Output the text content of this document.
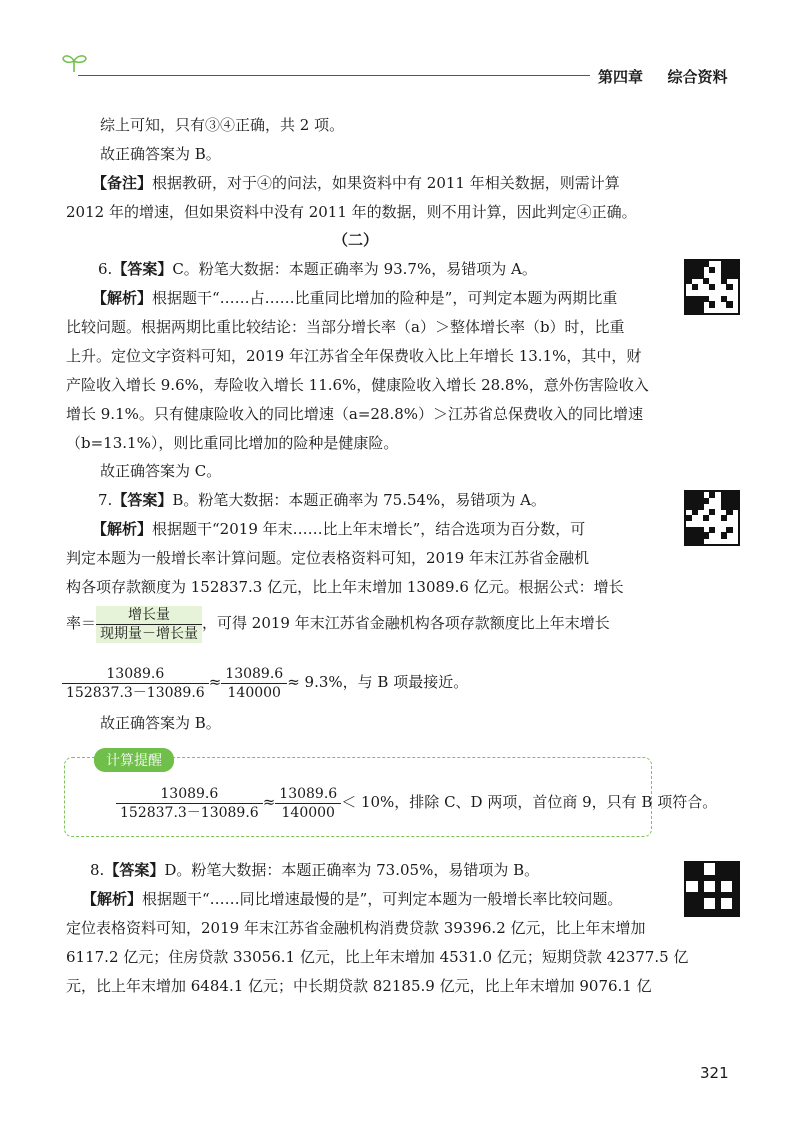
第四章 综合资料
综上可知，只有③④正确，共 2 项。
故正确答案为 B。
【备注】根据教研，对于④的问法，如果资料中有 2011 年相关数据，则需计算
2012 年的增速，但如果资料中没有 2011 年的数据，则不用计算，因此判定④正确。
（二）
6.【答案】C。粉笔大数据：本题正确率为 93.7%，易错项为 A。
【解析】根据题干“……占……比重同比增加的险种是”，可判定本题为两期比重
比较问题。根据两期比重比较结论：当部分增长率（a）＞整体增长率（b）时，比重
上升。定位文字资料可知，2019 年江苏省全年保费收入比上年增长 13.1%，其中，财
产险收入增长 9.6%，寿险收入增长 11.6%，健康险收入增长 28.8%，意外伤害险收入
增长 9.1%。只有健康险收入的同比增速（a=28.8%）＞江苏省总保费收入的同比增速
（b=13.1%），则比重同比增加的险种是健康险。
故正确答案为 C。
7.【答案】B。粉笔大数据：本题正确率为 75.54%，易错项为 A。
【解析】根据题干“2019 年末……比上年末增长”，结合选项为百分数，可
判定本题为一般增长率计算问题。定位表格资料可知，2019 年末江苏省金融机
构各项存款额度为 152837.3 亿元，比上年末增加 13089.6 亿元。根据公式：增长
率＝ $\frac{\text{增长量}}{\text{现期量－增长量}}$ ，可得 2019 年末江苏省金融机构各项存款额度比上年末增长
$\frac{13089.6}{152837.3-13089.6} \approx \frac{13089.6}{140000} \approx 9.3\%$，与 B 项最接近。
故正确答案为 B。
计算提醒
$\frac{13089.6}{152837.3-13089.6} \approx \frac{13089.6}{140000} < 10\%$，排除 C、D 两项，首位商 9，只有 B 项符合。
8.【答案】D。粉笔大数据：本题正确率为 73.05%，易错项为 B。
【解析】根据题干“……同比增速最慢的是”，可判定本题为一般增长率比较问题。
定位表格资料可知，2019 年末江苏省金融机构消费贷款 39396.2 亿元，比上年末增加
6117.2 亿元；住房贷款 33056.1 亿元，比上年末增加 4531.0 亿元；短期贷款 42377.5 亿
元，比上年末增加 6484.1 亿元；中长期贷款 82185.9 亿元，比上年末增加 9076.1 亿
321
